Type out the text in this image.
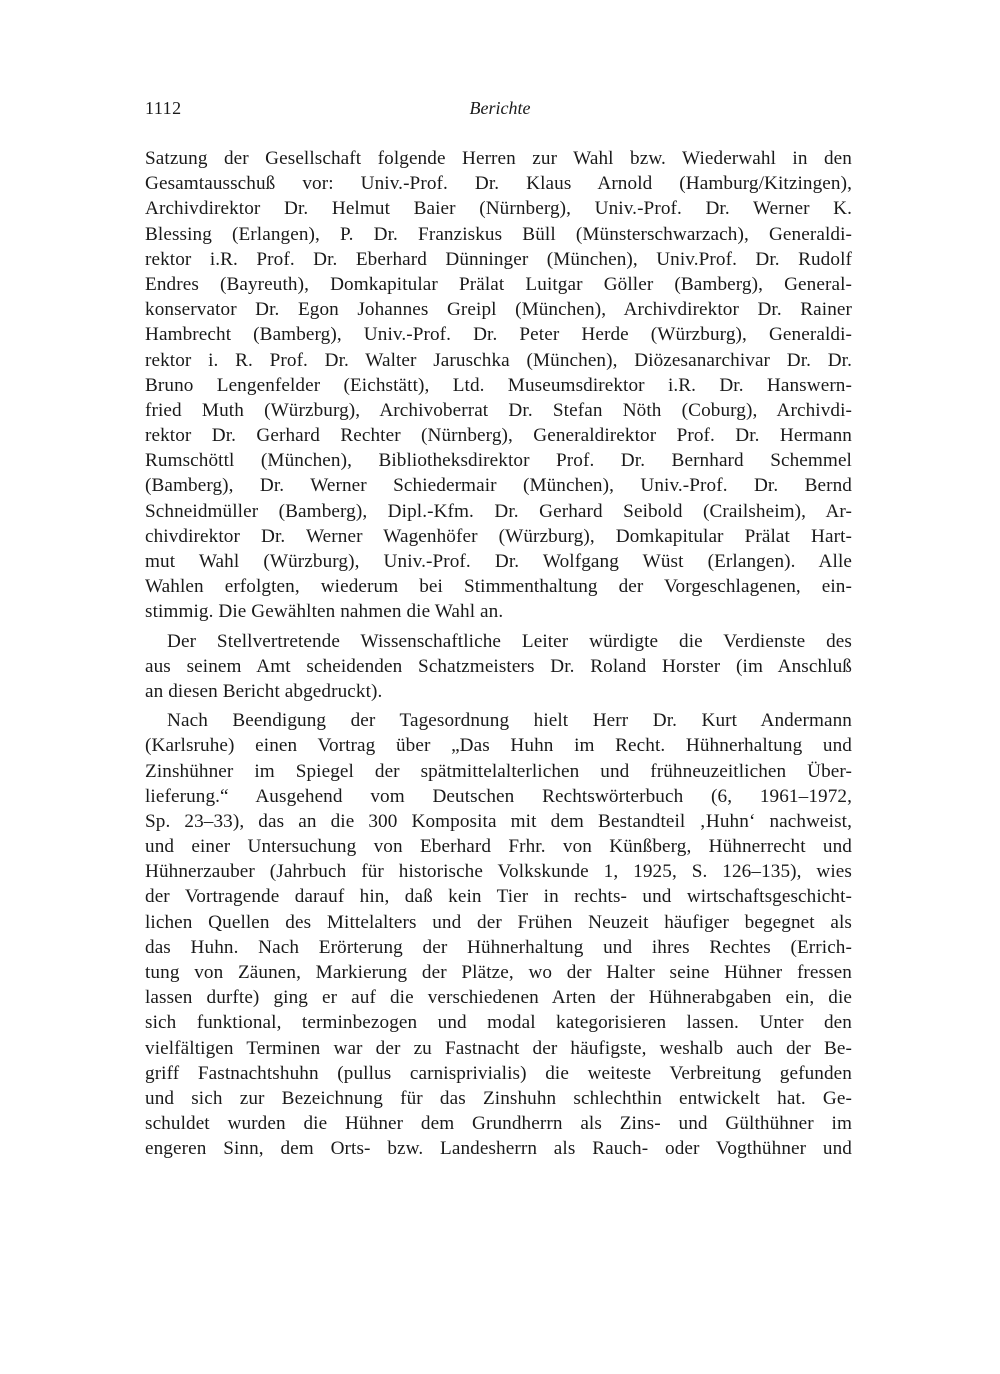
1112	Berichte
Satzung der Gesellschaft folgende Herren zur Wahl bzw. Wiederwahl in den
Gesamtausschuß vor: Univ.-Prof. Dr. Klaus Arnold (Hamburg/Kitzingen),
Archivdirektor Dr. Helmut Baier (Nürnberg), Univ.-Prof. Dr. Werner K.
Blessing (Erlangen), P. Dr. Franziskus Büll (Münsterschwarzach), Generaldi-
rektor i.R. Prof. Dr. Eberhard Dünninger (München), Univ.Prof. Dr. Rudolf
Endres (Bayreuth), Domkapitular Prälat Luitgar Göller (Bamberg), General-
konservator Dr. Egon Johannes Greipl (München), Archivdirektor Dr. Rainer
Hambrecht (Bamberg), Univ.-Prof. Dr. Peter Herde (Würzburg), Generaldi-
rektor i. R. Prof. Dr. Walter Jaruschka (München), Diözesanarchivar Dr. Dr.
Bruno Lengenfelder (Eichstätt), Ltd. Museumsdirektor i.R. Dr. Hanswern-
fried Muth (Würzburg), Archivoberrat Dr. Stefan Nöth (Coburg), Archivdi-
rektor Dr. Gerhard Rechter (Nürnberg), Generaldirektor Prof. Dr. Hermann
Rumschöttl (München), Bibliotheksdirektor Prof. Dr. Bernhard Schemmel
(Bamberg), Dr. Werner Schiedermair (München), Univ.-Prof. Dr. Bernd
Schneidmüller (Bamberg), Dipl.-Kfm. Dr. Gerhard Seibold (Crailsheim), Ar-
chivdirektor Dr. Werner Wagenhöfer (Würzburg), Domkapitular Prälat Hart-
mut Wahl (Würzburg), Univ.-Prof. Dr. Wolfgang Wüst (Erlangen). Alle
Wahlen erfolgten, wiederum bei Stimmenthaltung der Vorgeschlagenen, ein-
stimmig. Die Gewählten nahmen die Wahl an.
Der Stellvertretende Wissenschaftliche Leiter würdigte die Verdienste des
aus seinem Amt scheidenden Schatzmeisters Dr. Roland Horster (im Anschluß
an diesen Bericht abgedruckt).
Nach Beendigung der Tagesordnung hielt Herr Dr. Kurt Andermann
(Karlsruhe) einen Vortrag über „Das Huhn im Recht. Hühnerhaltung und
Zinshühner im Spiegel der spätmittelalterlichen und frühneuzeitlichen Über-
lieferung.“ Ausgehend vom Deutschen Rechtswörterbuch (6, 1961–1972,
Sp. 23–33), das an die 300 Komposita mit dem Bestandteil ‚Huhn‘ nachweist,
und einer Untersuchung von Eberhard Frhr. von Künßberg, Hühnerrecht und
Hühnerzauber (Jahrbuch für historische Volkskunde 1, 1925, S. 126–135), wies
der Vortragende darauf hin, daß kein Tier in rechts- und wirtschaftsgeschicht-
lichen Quellen des Mittelalters und der Frühen Neuzeit häufiger begegnet als
das Huhn. Nach Erörterung der Hühnerhaltung und ihres Rechtes (Errich-
tung von Zäunen, Markierung der Plätze, wo der Halter seine Hühner fressen
lassen durfte) ging er auf die verschiedenen Arten der Hühnerabgaben ein, die
sich funktional, terminbezogen und modal kategorisieren lassen. Unter den
vielfältigen Terminen war der zu Fastnacht der häufigste, weshalb auch der Be-
griff Fastnachtshuhn (pullus carnisprivialis) die weiteste Verbreitung gefunden
und sich zur Bezeichnung für das Zinshuhn schlechthin entwickelt hat. Ge-
schuldet wurden die Hühner dem Grundherrn als Zins- und Gülthühner im
engeren Sinn, dem Orts- bzw. Landesherrn als Rauch- oder Vogthühner und
